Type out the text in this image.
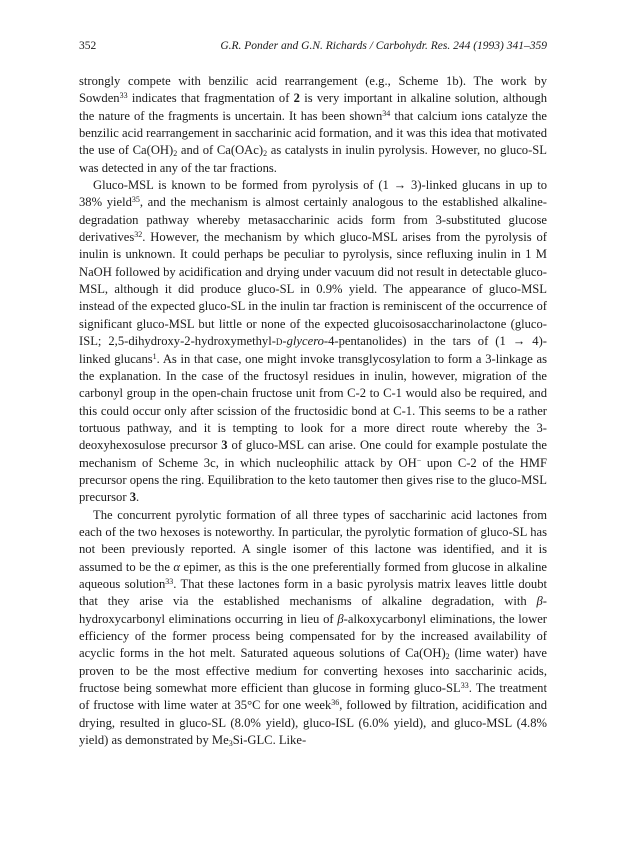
352	G.R. Ponder and G.N. Richards / Carbohydr. Res. 244 (1993) 341–359

strongly compete with benzilic acid rearrangement (e.g., Scheme 1b). The work by Sowden$^{33}$ indicates that fragmentation of 2 is very important in alkaline solution, although the nature of the fragments is uncertain. It has been shown$^{34}$ that calcium ions catalyze the benzilic acid rearrangement in saccharinic acid formation, and it was this idea that motivated the use of $Ca(OH)_2$ and of $Ca(OAc)_2$ as catalysts in inulin pyrolysis. However, no gluco-SL was detected in any of the tar fractions.

Gluco-MSL is known to be formed from pyrolysis of (1 → 3)-linked glucans in up to 38% yield$^{35}$, and the mechanism is almost certainly analogous to the established alkaline-degradation pathway whereby metasaccharinic acids form from 3-substituted glucose derivatives$^{32}$. However, the mechanism by which gluco-MSL arises from the pyrolysis of inulin is unknown. It could perhaps be peculiar to pyrolysis, since refluxing inulin in 1 M NaOH followed by acidification and drying under vacuum did not result in detectable gluco-MSL, although it did produce gluco-SL in 0.9% yield. The appearance of gluco-MSL instead of the expected gluco-SL in the inulin tar fraction is reminiscent of the occurrence of significant gluco-MSL but little or none of the expected glucoisosaccharinolactone (gluco-ISL; 2,5-dihydroxy-2-hydroxymethyl-d-glycero-4-pentanolides) in the tars of (1 → 4)-linked glucans$^1$. As in that case, one might invoke transglycosylation to form a 3-linkage as the explanation. In the case of the fructosyl residues in inulin, however, migration of the carbonyl group in the open-chain fructose unit from C-2 to C-1 would also be required, and this could occur only after scission of the fructosidic bond at C-1. This seems to be a rather tortuous pathway, and it is tempting to look for a more direct route whereby the 3-deoxyhexosulose precursor 3 of gluco-MSL can arise. One could for example postulate the mechanism of Scheme 3c, in which nucleophilic attack by OH− upon C-2 of the HMF precursor opens the ring. Equilibration to the keto tautomer then gives rise to the gluco-MSL precursor 3.

The concurrent pyrolytic formation of all three types of saccharinic acid lactones from each of the two hexoses is noteworthy. In particular, the pyrolytic formation of gluco-SL has not been previously reported. A single isomer of this lactone was identified, and it is assumed to be the α epimer, as this is the one preferentially formed from glucose in alkaline aqueous solution$^{33}$. That these lactones form in a basic pyrolysis matrix leaves little doubt that they arise via the established mechanisms of alkaline degradation, with β-hydroxycarbonyl eliminations occurring in lieu of β-alkoxycarbonyl eliminations, the lower efficiency of the former process being compensated for by the increased availability of acyclic forms in the hot melt. Saturated aqueous solutions of $Ca(OH)_2$ (lime water) have proven to be the most effective medium for converting hexoses into saccharinic acids, fructose being somewhat more efficient than glucose in forming gluco-SL$^{33}$. The treatment of fructose with lime water at 35°C for one week$^{36}$, followed by filtration, acidification and drying, resulted in gluco-SL (8.0% yield), gluco-ISL (6.0% yield), and gluco-MSL (4.8% yield) as demonstrated by $Me_3Si$-GLC. Like-
